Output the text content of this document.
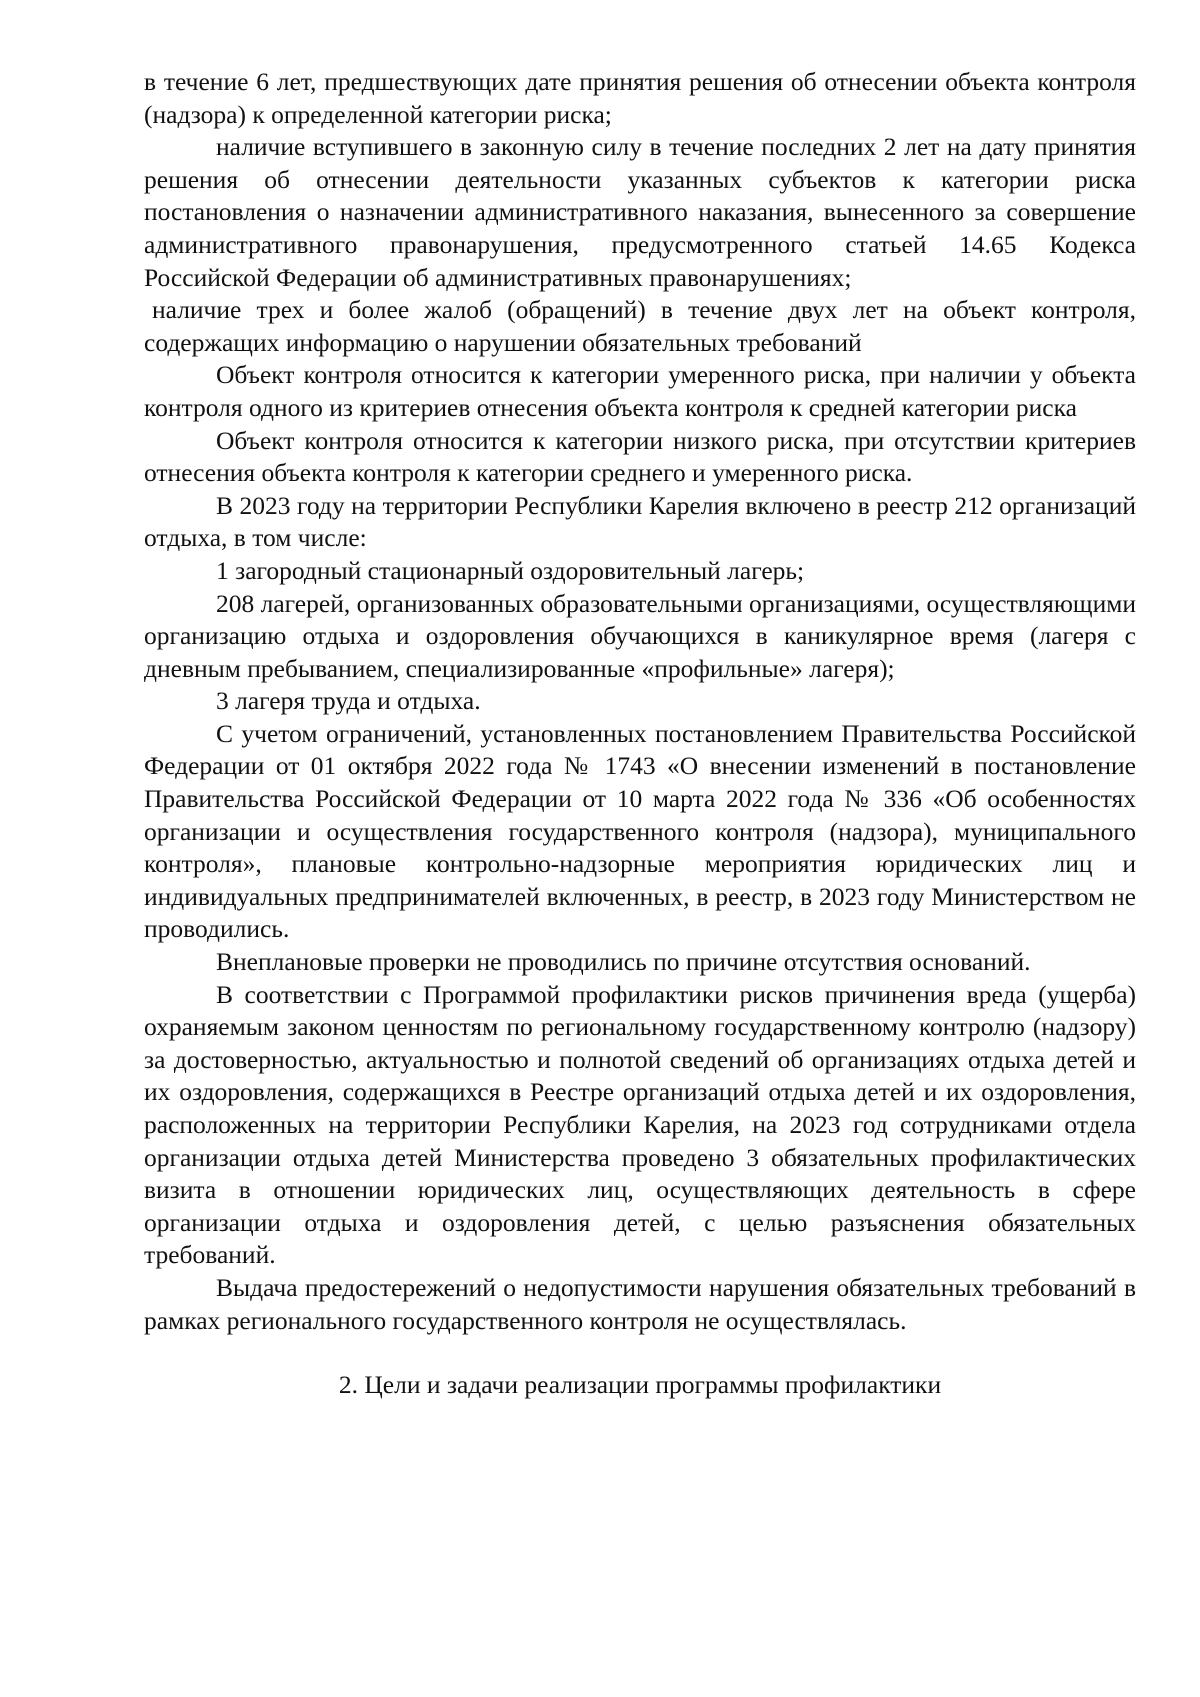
в течение 6 лет, предшествующих дате принятия решения об отнесении объекта контроля (надзора) к определенной категории риска;

наличие вступившего в законную силу в течение последних 2 лет на дату принятия решения об отнесении деятельности указанных субъектов к категории риска постановления о назначении административного наказания, вынесенного за совершение административного правонарушения, предусмотренного статьей 14.65 Кодекса Российской Федерации об административных правонарушениях;

наличие трех и более жалоб (обращений) в течение двух лет на объект контроля, содержащих информацию о нарушении обязательных требований

Объект контроля относится к категории умеренного риска, при наличии у объекта контроля одного из критериев отнесения объекта контроля к средней категории риска

Объект контроля относится к категории низкого риска, при отсутствии критериев отнесения объекта контроля к категории среднего и умеренного риска.

В 2023 году на территории Республики Карелия включено в реестр 212 организаций отдыха, в том числе:

1 загородный стационарный оздоровительный лагерь;

208 лагерей, организованных образовательными организациями, осуществляющими организацию отдыха и оздоровления обучающихся в каникулярное время (лагеря с дневным пребыванием, специализированные «профильные» лагеря);

3 лагеря труда и отдыха.

С учетом ограничений, установленных постановлением Правительства Российской Федерации от 01 октября 2022 года № 1743 «О внесении изменений в постановление Правительства Российской Федерации от 10 марта 2022 года № 336 «Об особенностях организации и осуществления государственного контроля (надзора), муниципального контроля», плановые контрольно-надзорные мероприятия юридических лиц и индивидуальных предпринимателей включенных, в реестр, в 2023 году Министерством не проводились.

Внеплановые проверки не проводились по причине отсутствия оснований.

В соответствии с Программой профилактики рисков причинения вреда (ущерба) охраняемым законом ценностям по региональному государственному контролю (надзору) за достоверностью, актуальностью и полнотой сведений об организациях отдыха детей и их оздоровления, содержащихся в Реестре организаций отдыха детей и их оздоровления, расположенных на территории Республики Карелия, на 2023 год сотрудниками отдела организации отдыха детей Министерства проведено 3 обязательных профилактических визита в отношении юридических лиц, осуществляющих деятельность в сфере организации отдыха и оздоровления детей, с целью разъяснения обязательных требований.

Выдача предостережений о недопустимости нарушения обязательных требований в рамках регионального государственного контроля не осуществлялась.

2. Цели и задачи реализации программы профилактики
